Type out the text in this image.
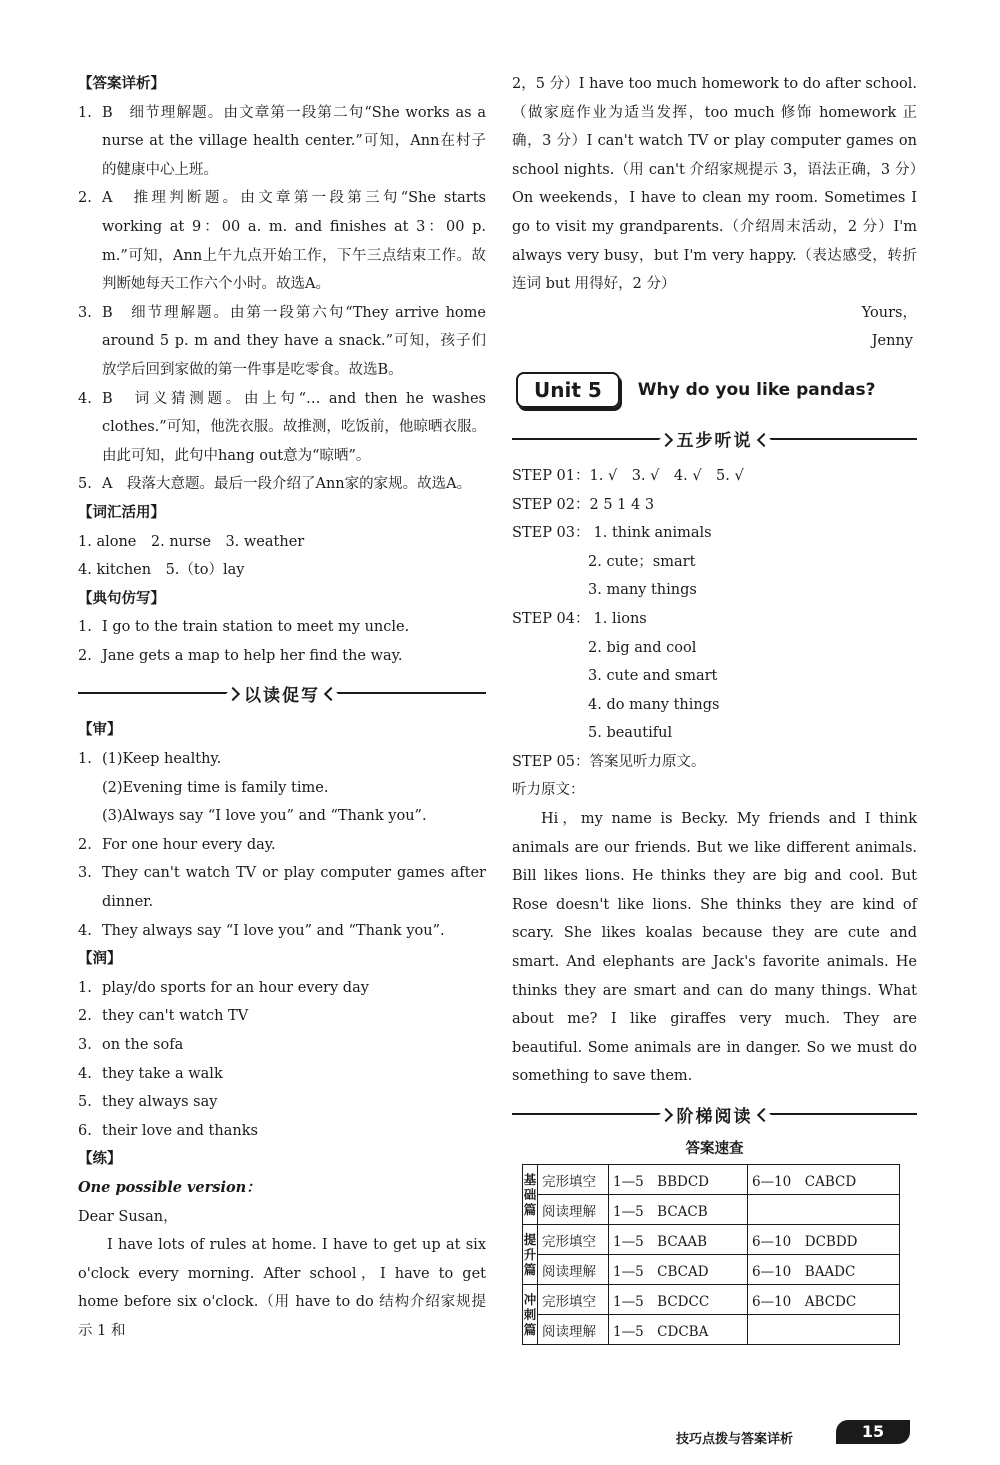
【答案详析】
1. B　细节理解题。由文章第一段第二句“She works as a nurse at the village health center.”可知，Ann在村子的健康中心上班。
2. A　推理判断题。由文章第一段第三句“She starts working at 9：00 a. m. and finishes at 3：00 p. m.”可知，Ann上午九点开始工作，下午三点结束工作。故判断她每天工作六个小时。故选A。
3. B　细节理解题。由第一段第六句“They arrive home around 5 p. m and they have a snack.”可知，孩子们放学后回到家做的第一件事是吃零食。故选B。
4. B　词义猜测题。由上句“… and then he washes clothes.”可知，他洗衣服。故推测，吃饭前，他晾晒衣服。由此可知，此句中hang out意为“晾晒”。
5. A　段落大意题。最后一段介绍了Ann家的家规。故选A。
【词汇活用】
1. alone　2. nurse　3. weather
4. kitchen　5.（to）lay
【典句仿写】
1. I go to the train station to meet my uncle.
2. Jane gets a map to help her find the way.
以读促写
【审】
1. (1)Keep healthy.
(2)Evening time is family time.
(3)Always say “I love you” and “Thank you”.
2. For one hour every day.
3. They can't watch TV or play computer games after dinner.
4. They always say “I love you” and “Thank you”.
【润】
1. play/do sports for an hour every day
2. they can't watch TV
3. on the sofa
4. they take a walk
5. they always say
6. their love and thanks
【练】
One possible version：
Dear Susan，
I have lots of rules at home. I have to get up at six o'clock every morning. After school，I have to get home before six o'clock.（用 have to do 结构介绍家规提示 1 和
2，5 分）I have too much homework to do after school.（做家庭作业为适当发挥，too much 修饰 homework 正确，3 分）I can't watch TV or play computer games on school nights.（用 can't 介绍家规提示 3，语法正确，3 分）On weekends，I have to clean my room. Sometimes I go to visit my grandparents.（介绍周末活动，2 分）I'm always very busy，but I'm very happy.（表达感受，转折连词 but 用得好，2 分）
Yours，
Jenny
Unit 5	Why do you like pandas?
五步听说
STEP 01：1. √　3. √　4. √　5. √
STEP 02：2 5 1 4 3
STEP 03： 1. think animals
2. cute；smart
3. many things
STEP 04： 1. lions
2. big and cool
3. cute and smart
4. do many things
5. beautiful
STEP 05：答案见听力原文。
听力原文：
Hi，my name is Becky. My friends and I think animals are our friends. But we like different animals. Bill likes lions. He thinks they are big and cool. But Rose doesn't like lions. She thinks they are kind of scary. She likes koalas because they are cute and smart. And elephants are Jack's favorite animals. He thinks they are smart and can do many things. What about me? I like giraffes very much. They are beautiful. Some animals are in danger. So we must do something to save them.
阶梯阅读
答案速查
基础篇	完形填空	1—5　BBDCD	6—10　CABCD
	阅读理解	1—5　BCACB	
提升篇	完形填空	1—5　BCAAB	6—10　DCBDD
	阅读理解	1—5　CBCAD	6—10　BAADC
冲刺篇	完形填空	1—5　BCDCC	6—10　ABCDC
	阅读理解	1—5　CDCBA	
技巧点拨与答案详析	15
